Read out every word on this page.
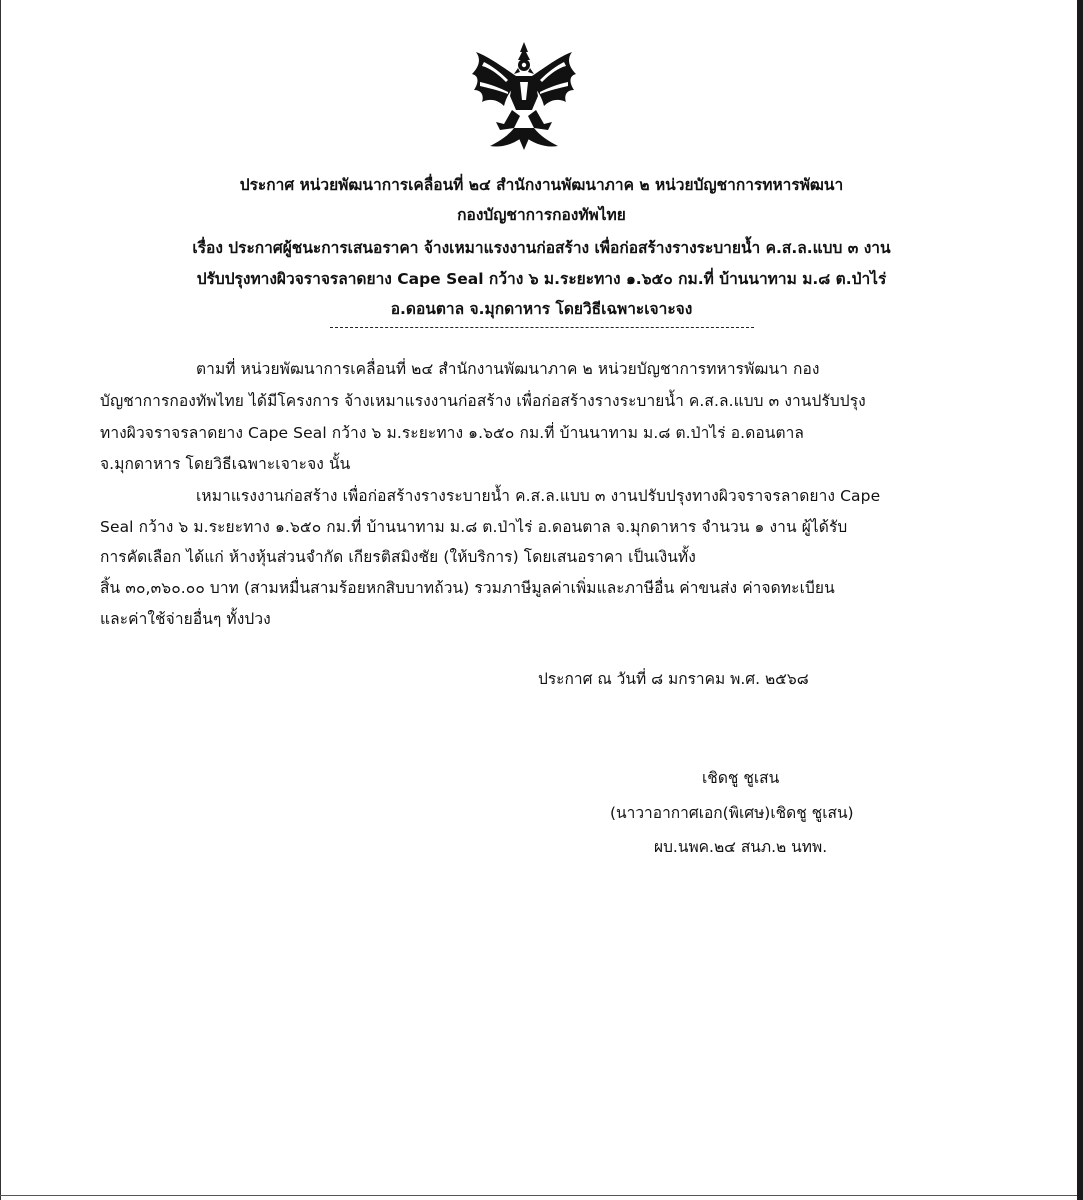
ประกาศ หน่วยพัฒนาการเคลื่อนที่ ๒๔ สำนักงานพัฒนาภาค ๒ หน่วยบัญชาการทหารพัฒนา
กองบัญชาการกองทัพไทย
เรื่อง ประกาศผู้ชนะการเสนอราคา จ้างเหมาแรงงานก่อสร้าง เพื่อก่อสร้างรางระบายน้ำ ค.ส.ล.แบบ ๓ งาน
ปรับปรุงทางผิวจราจรลาดยาง Cape Seal กว้าง ๖ ม.ระยะทาง ๑.๖๕๐ กม.ที่ บ้านนาทาม ม.๘ ต.ป่าไร่
อ.ดอนตาล จ.มุกดาหาร โดยวิธีเฉพาะเจาะจง
ตามที่ หน่วยพัฒนาการเคลื่อนที่ ๒๔ สำนักงานพัฒนาภาค ๒ หน่วยบัญชาการทหารพัฒนา กอง
บัญชาการกองทัพไทย ได้มีโครงการ จ้างเหมาแรงงานก่อสร้าง เพื่อก่อสร้างรางระบายน้ำ ค.ส.ล.แบบ ๓ งานปรับปรุง
ทางผิวจราจรลาดยาง Cape Seal กว้าง ๖ ม.ระยะทาง ๑.๖๕๐ กม.ที่ บ้านนาทาม ม.๘ ต.ป่าไร่ อ.ดอนตาล
จ.มุกดาหาร โดยวิธีเฉพาะเจาะจง นั้น
เหมาแรงงานก่อสร้าง เพื่อก่อสร้างรางระบายน้ำ ค.ส.ล.แบบ ๓ งานปรับปรุงทางผิวจราจรลาดยาง Cape
Seal กว้าง ๖ ม.ระยะทาง ๑.๖๕๐ กม.ที่ บ้านนาทาม ม.๘ ต.ป่าไร่ อ.ดอนตาล จ.มุกดาหาร จำนวน ๑ งาน ผู้ได้รับ
การคัดเลือก ได้แก่ ห้างหุ้นส่วนจำกัด เกียรติสมิงชัย (ให้บริการ) โดยเสนอราคา เป็นเงินทั้ง
สิ้น ๓๐,๓๖๐.๐๐ บาท (สามหมื่นสามร้อยหกสิบบาทถ้วน) รวมภาษีมูลค่าเพิ่มและภาษีอื่น ค่าขนส่ง ค่าจดทะเบียน
และค่าใช้จ่ายอื่นๆ ทั้งปวง
ประกาศ ณ วันที่ ๘ มกราคม พ.ศ. ๒๕๖๘
เชิดชู ชูเสน
(นาวาอากาศเอก(พิเศษ)เชิดชู ชูเสน)
ผบ.นพค.๒๔ สนภ.๒ นทพ.
